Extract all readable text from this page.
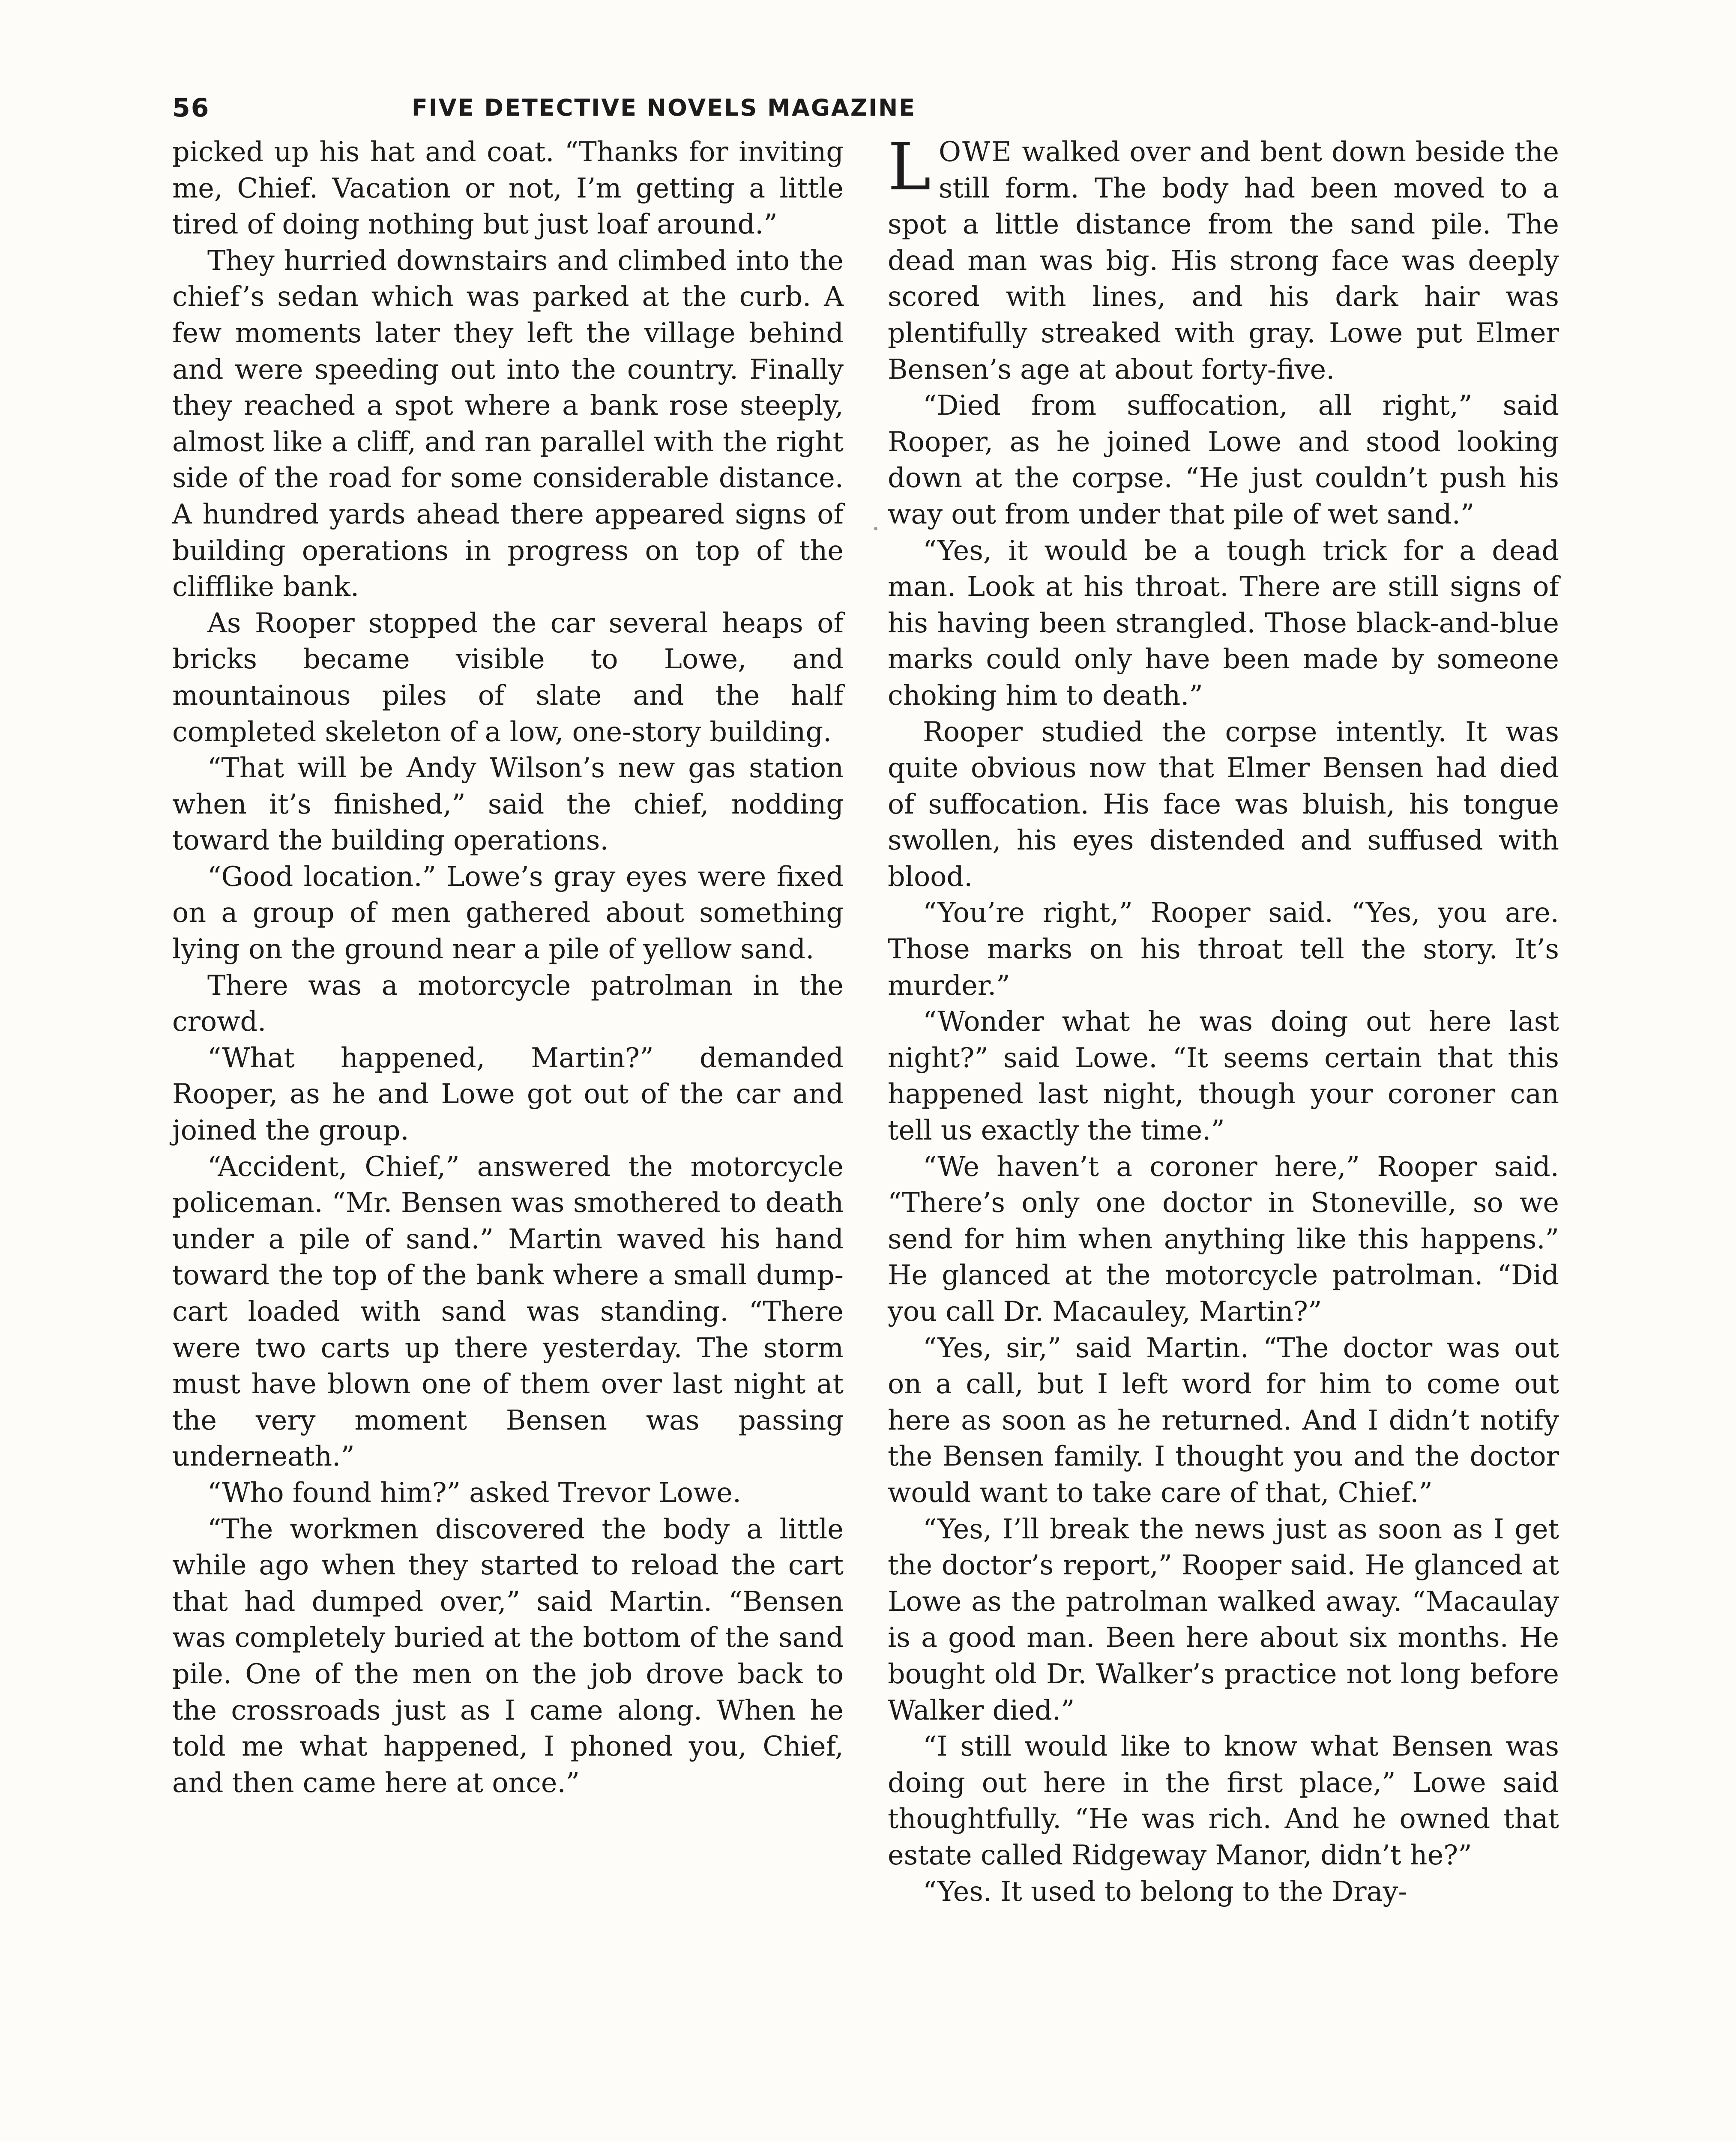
56	FIVE DETECTIVE NOVELS MAGAZINE

picked up his hat and coat. “Thanks for inviting me, Chief. Vacation or not, I’m getting a little tired of doing nothing but just loaf around.”

They hurried downstairs and climbed into the chief’s sedan which was parked at the curb. A few moments later they left the village behind and were speeding out into the country. Finally they reached a spot where a bank rose steeply, almost like a cliff, and ran parallel with the right side of the road for some considerable distance. A hundred yards ahead there appeared signs of building operations in progress on top of the clifflike bank.

As Rooper stopped the car several heaps of bricks became visible to Lowe, and mountainous piles of slate and the half completed skeleton of a low, one-story building.

“That will be Andy Wilson’s new gas station when it’s finished,” said the chief, nodding toward the building operations.

“Good location.” Lowe’s gray eyes were fixed on a group of men gathered about something lying on the ground near a pile of yellow sand.

There was a motorcycle patrolman in the crowd.

“What happened, Martin?” demanded Rooper, as he and Lowe got out of the car and joined the group.

“Accident, Chief,” answered the motorcycle policeman. “Mr. Bensen was smothered to death under a pile of sand.” Martin waved his hand toward the top of the bank where a small dump-cart loaded with sand was standing. “There were two carts up there yesterday. The storm must have blown one of them over last night at the very moment Bensen was passing underneath.”

“Who found him?” asked Trevor Lowe.

“The workmen discovered the body a little while ago when they started to reload the cart that had dumped over,” said Martin. “Bensen was completely buried at the bottom of the sand pile. One of the men on the job drove back to the crossroads just as I came along. When he told me what happened, I phoned you, Chief, and then came here at once.”

LOWE walked over and bent down beside the still form. The body had been moved to a spot a little distance from the sand pile. The dead man was big. His strong face was deeply scored with lines, and his dark hair was plentifully streaked with gray. Lowe put Elmer Bensen’s age at about forty-five.

“Died from suffocation, all right,” said Rooper, as he joined Lowe and stood looking down at the corpse. “He just couldn’t push his way out from under that pile of wet sand.”

“Yes, it would be a tough trick for a dead man. Look at his throat. There are still signs of his having been strangled. Those black-and-blue marks could only have been made by someone choking him to death.”

Rooper studied the corpse intently. It was quite obvious now that Elmer Bensen had died of suffocation. His face was bluish, his tongue swollen, his eyes distended and suffused with blood.

“You’re right,” Rooper said. “Yes, you are. Those marks on his throat tell the story. It’s murder.”

“Wonder what he was doing out here last night?” said Lowe. “It seems certain that this happened last night, though your coroner can tell us exactly the time.”

“We haven’t a coroner here,” Rooper said. “There’s only one doctor in Stoneville, so we send for him when anything like this happens.” He glanced at the motorcycle patrolman. “Did you call Dr. Macauley, Martin?”

“Yes, sir,” said Martin. “The doctor was out on a call, but I left word for him to come out here as soon as he returned. And I didn’t notify the Bensen family. I thought you and the doctor would want to take care of that, Chief.”

“Yes, I’ll break the news just as soon as I get the doctor’s report,” Rooper said. He glanced at Lowe as the patrolman walked away. “Macaulay is a good man. Been here about six months. He bought old Dr. Walker’s practice not long before Walker died.”

“I still would like to know what Bensen was doing out here in the first place,” Lowe said thoughtfully. “He was rich. And he owned that estate called Ridgeway Manor, didn’t he?”

“Yes. It used to belong to the Dray-
